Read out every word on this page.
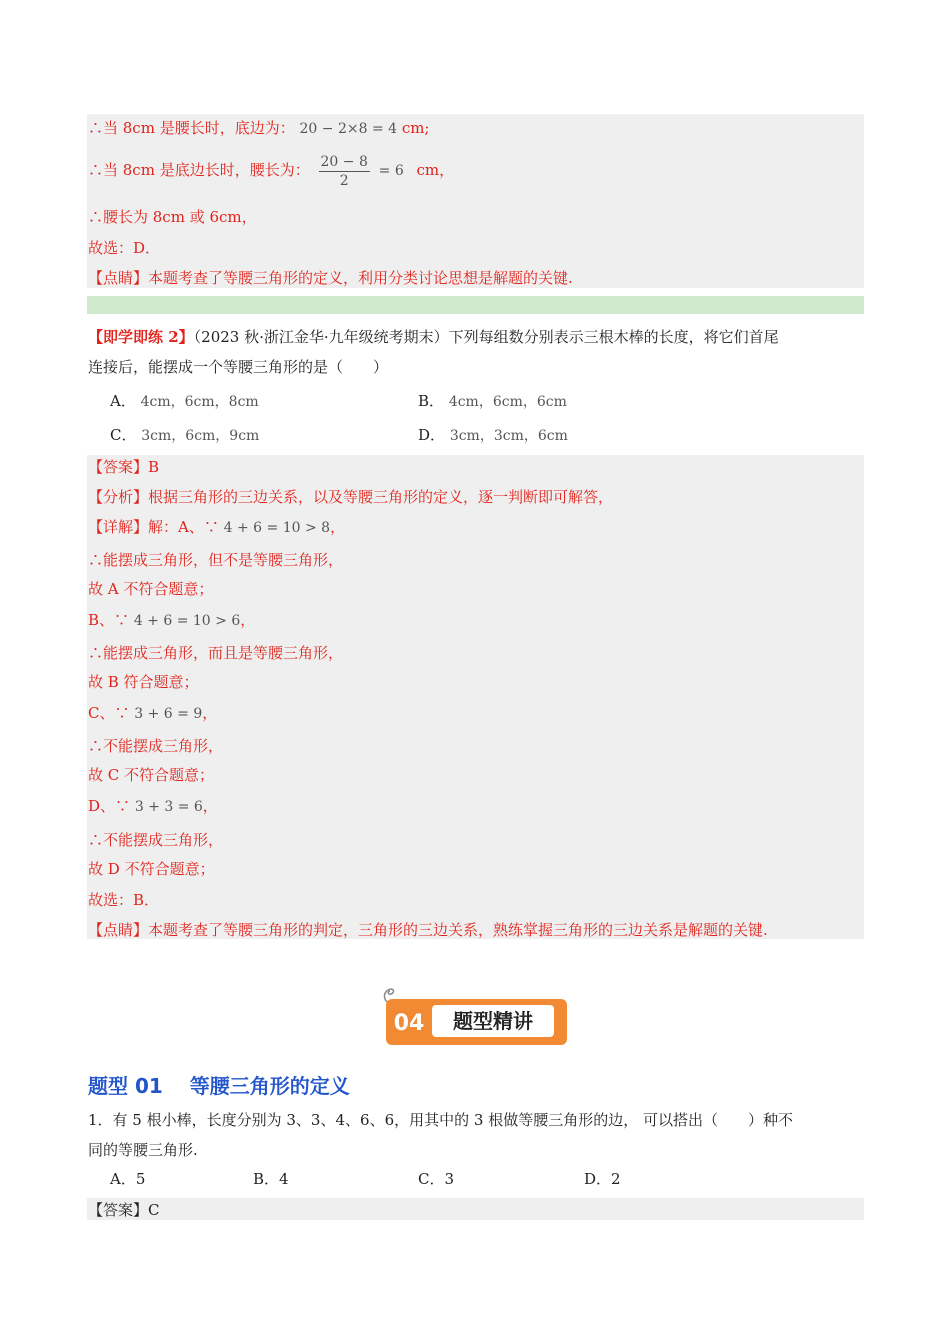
∴当 8cm 是腰长时，底边为： 20 − 2×8 = 4 cm;
∴当 8cm 是底边长时，腰长为： $\frac{20 - 8}{2} = 6$ cm，
∴腰长为 8cm 或 6cm，
故选：D．
【点睛】本题考查了等腰三角形的定义，利用分类讨论思想是解题的关键.
【即学即练 2】（2023 秋·浙江金华·九年级统考期末）下列每组数分别表示三根木棒的长度，将它们首尾
连接后，能摆成一个等腰三角形的是（　　）
A． 4cm，6cm，8cm	B． 4cm，6cm，6cm
C． 3cm，6cm，9cm	D． 3cm，3cm，6cm
【答案】B
【分析】根据三角形的三边关系，以及等腰三角形的定义，逐一判断即可解答，
【详解】解：A、∵ 4 + 6 = 10 > 8，
∴能摆成三角形，但不是等腰三角形，
故 A 不符合题意；
B、∵ 4 + 6 = 10 > 6，
∴能摆成三角形，而且是等腰三角形，
故 B 符合题意；
C、∵ 3 + 6 = 9，
∴不能摆成三角形，
故 C 不符合题意；
D、∵ 3 + 3 = 6，
∴不能摆成三角形，
故 D 不符合题意；
故选：B．
【点睛】本题考查了等腰三角形的判定，三角形的三边关系，熟练掌握三角形的三边关系是解题的关键.
04	题型精讲
题型 01　 等腰三角形的定义
1．有 5 根小棒，长度分别为 3、3、4、6、6，用其中的 3 根做等腰三角形的边， 可以搭出（　　）种不
同的等腰三角形.
A．5	B．4	C．3	D．2
【答案】C
